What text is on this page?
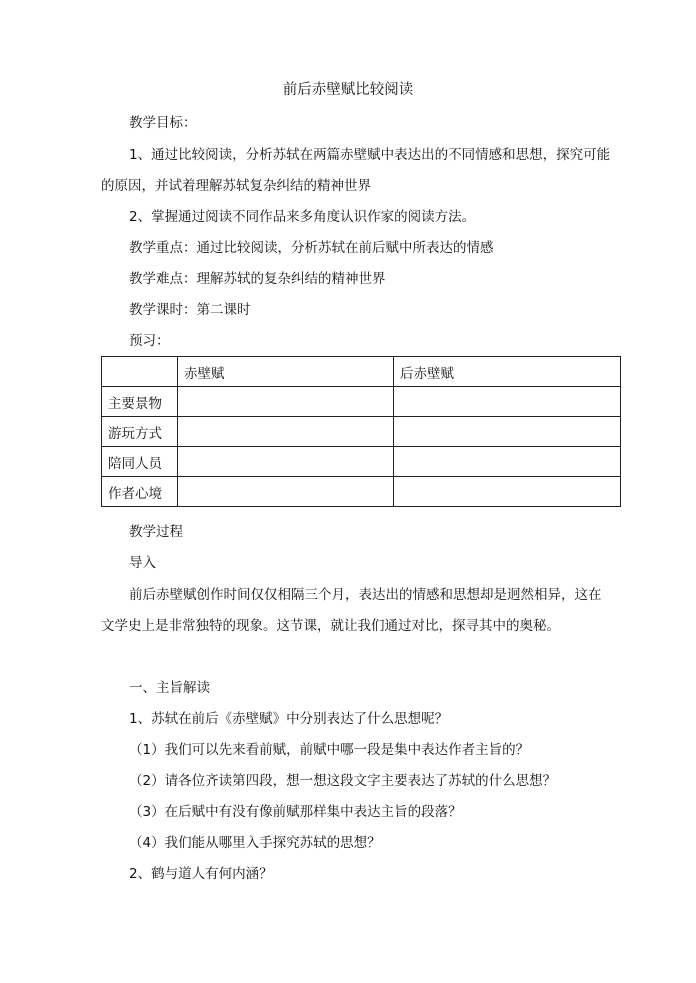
前后赤壁赋比较阅读
教学目标：
1、通过比较阅读，分析苏轼在两篇赤壁赋中表达出的不同情感和思想，探究可能
的原因，并试着理解苏轼复杂纠结的精神世界
2、掌握通过阅读不同作品来多角度认识作家的阅读方法。
教学重点：通过比较阅读，分析苏轼在前后赋中所表达的情感
教学难点：理解苏轼的复杂纠结的精神世界
教学课时：第二课时
预习：
	赤壁赋	后赤壁赋
主要景物		
游玩方式		
陪同人员		
作者心境		
教学过程
导入
前后赤壁赋创作时间仅仅相隔三个月，表达出的情感和思想却是迥然相异，这在
文学史上是非常独特的现象。这节课，就让我们通过对比，探寻其中的奥秘。
一、主旨解读
1、苏轼在前后《赤壁赋》中分别表达了什么思想呢？
（1）我们可以先来看前赋，前赋中哪一段是集中表达作者主旨的？
（2）请各位齐读第四段，想一想这段文字主要表达了苏轼的什么思想？
（3）在后赋中有没有像前赋那样集中表达主旨的段落？
（4）我们能从哪里入手探究苏轼的思想？
2、鹤与道人有何内涵？
